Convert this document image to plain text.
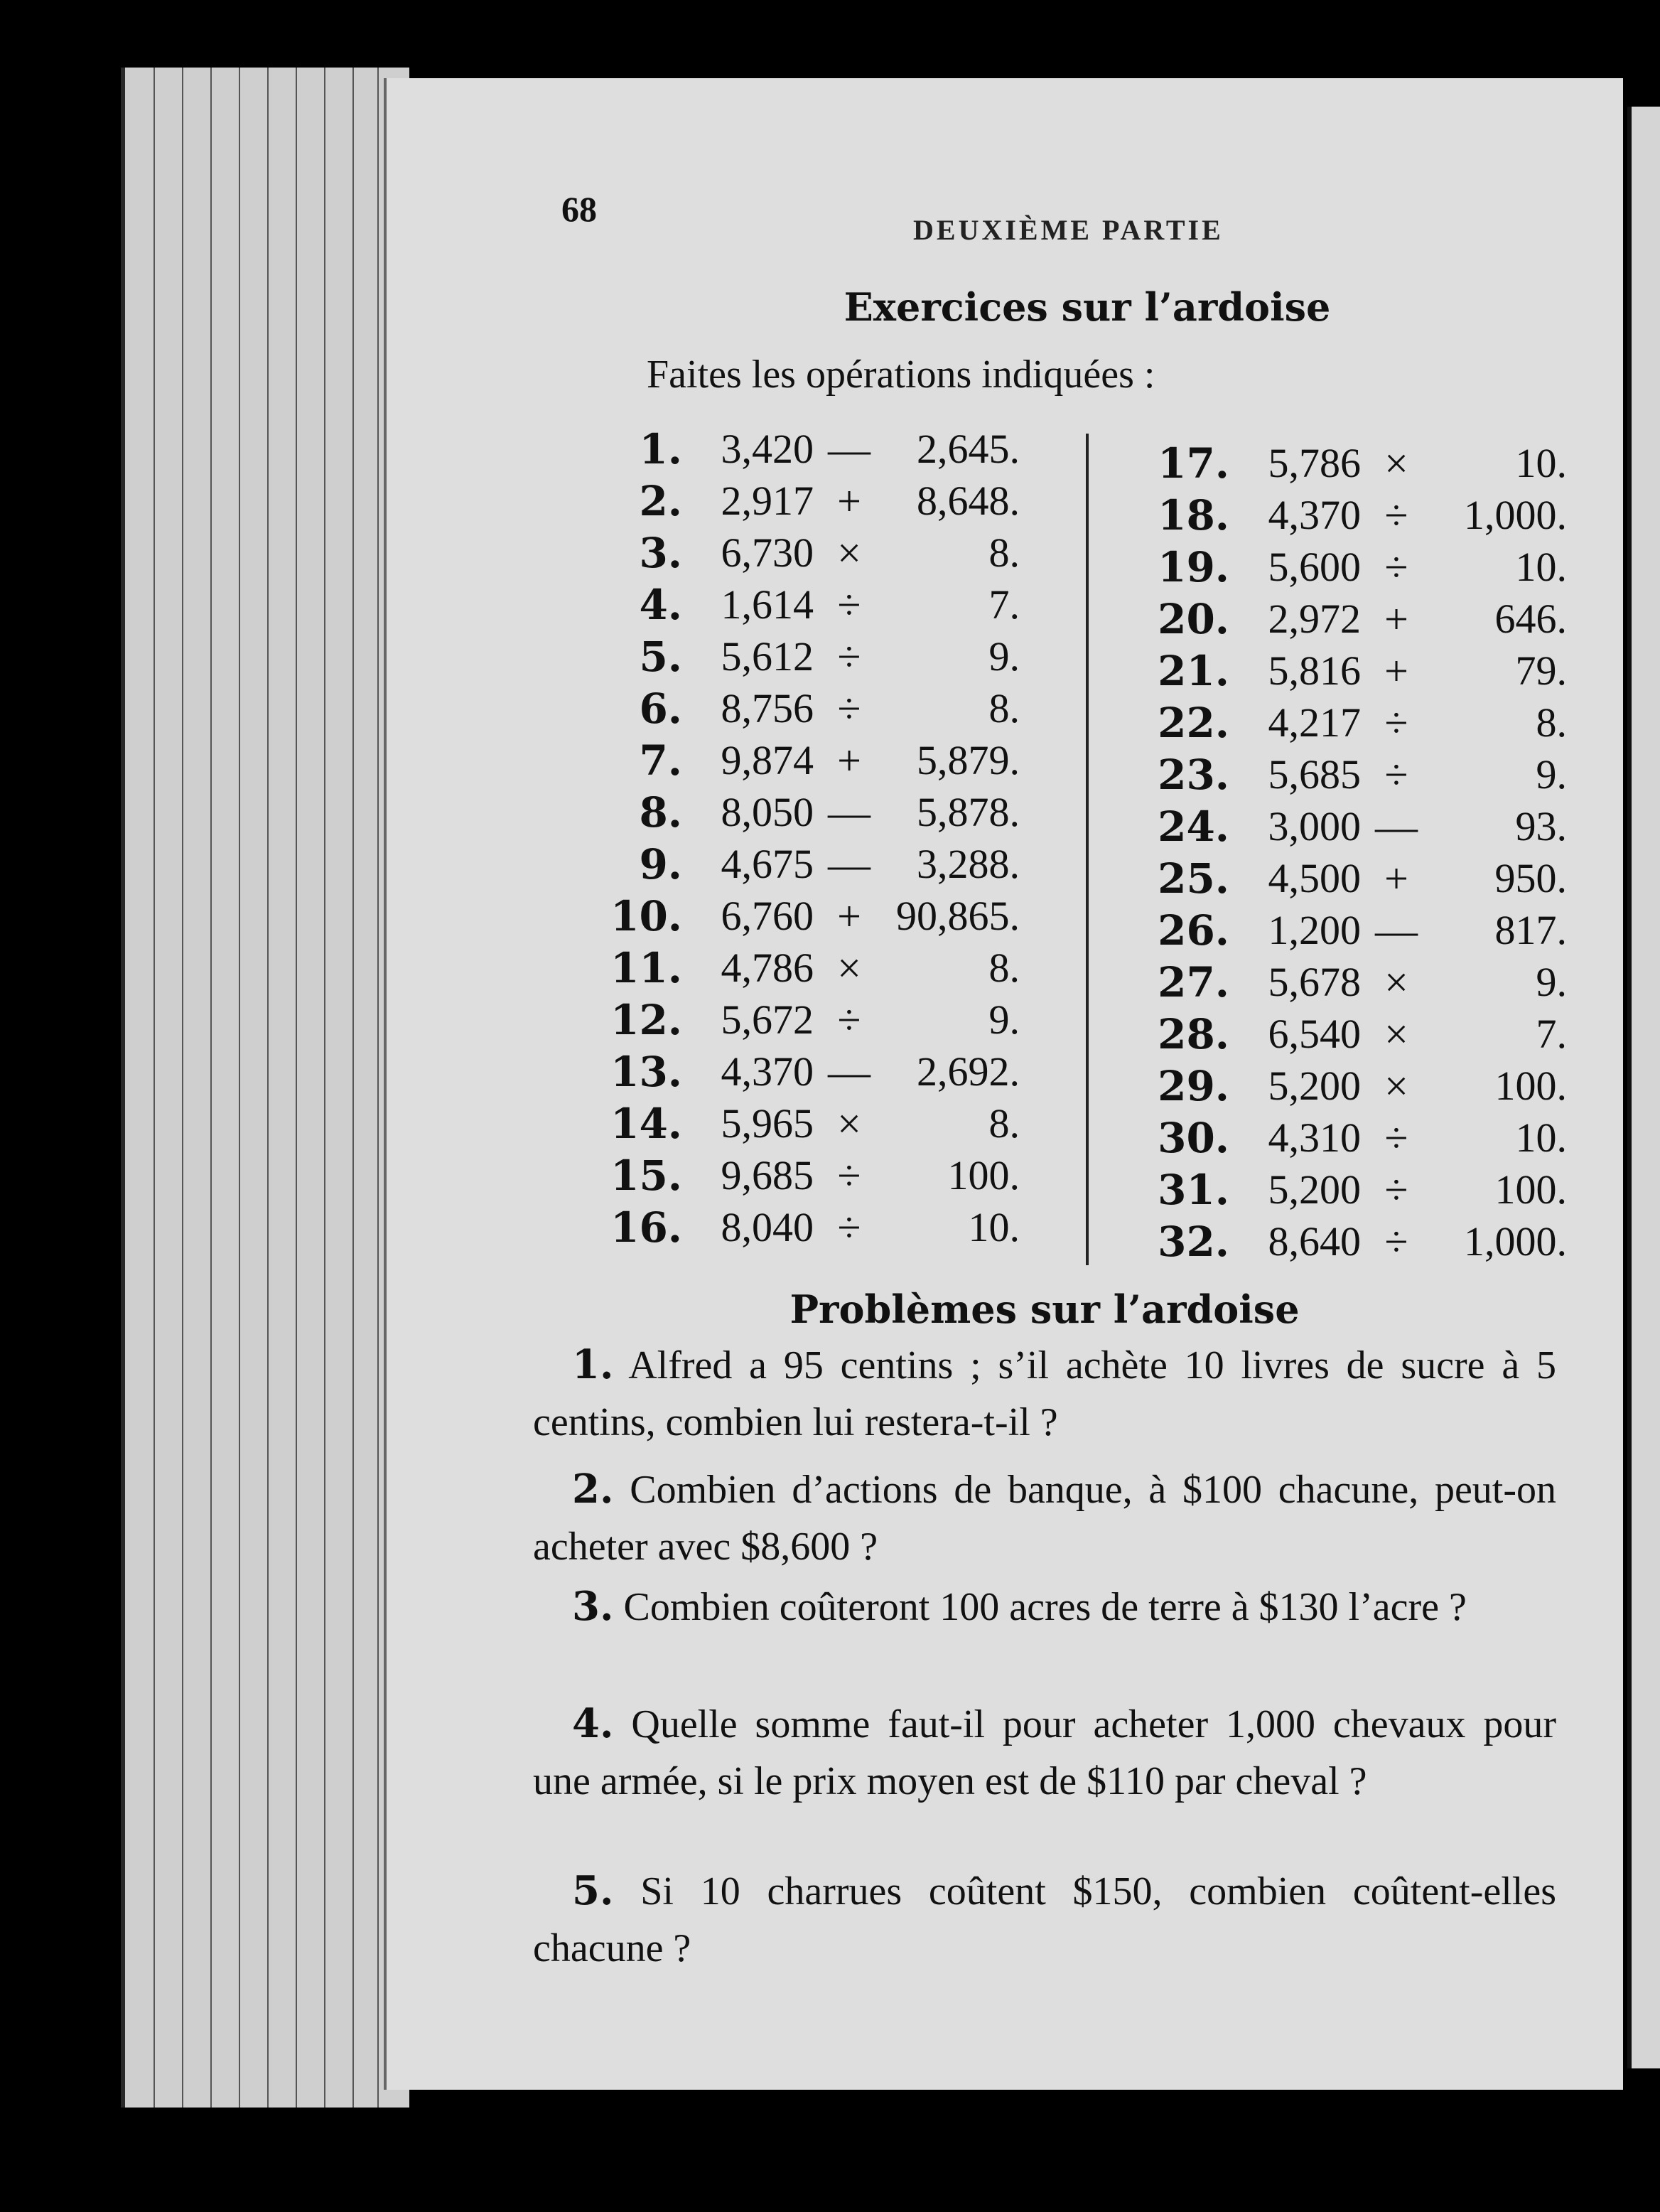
68
DEUXIÈME PARTIE
Exercices sur l’ardoise
Faites les opérations indiquées :
1. 3,420 —	2,645.
2. 2,917 +	8,648.
3. 6,730 ×	8.
4. 1,614 ÷	7.
5. 5,612 ÷	9.
6. 8,756 ÷	8.
7. 9,874 +	5,879.
8. 8,050 —	5,878.
9. 4,675 —	3,288.
10. 6,760 + 90,865.
11. 4,786 ×	8.
12. 5,672 ÷	9.
13. 4,370 —	2,692.
14. 5,965 ×	8.
15. 9,685 ÷	100.
16. 8,040 ÷	10.
17. 5,786 ×	10.
18. 4,370 ÷	1,000.
19. 5,600 ÷	10.
20. 2,972 +	646.
21. 5,816 +	79.
22. 4,217 ÷	8.
23. 5,685 ÷	9.
24. 3,000 —	93.
25. 4,500 +	950.
26. 1,200 —	817.
27. 5,678 ×	9.
28. 6,540 ×	7.
29. 5,200 ×	100.
30. 4,310 ÷	10.
31. 5,200 ÷	100.
32. 8,640 ÷	1,000.
Problèmes sur l’ardoise
1. Alfred a 95 centins ; s’il achète 10 livres de sucre à 5 centins, combien lui restera-t-il ?
2. Combien d’actions de banque, à $100 chacune, peut-on acheter avec $8,600 ?
3. Combien coûteront 100 acres de terre à $130 l’acre ?
4. Quelle somme faut-il pour acheter 1,000 chevaux pour une armée, si le prix moyen est de $110 par cheval ?
5. Si 10 charrues coûtent $150, combien coûtent-elles chacune ?
